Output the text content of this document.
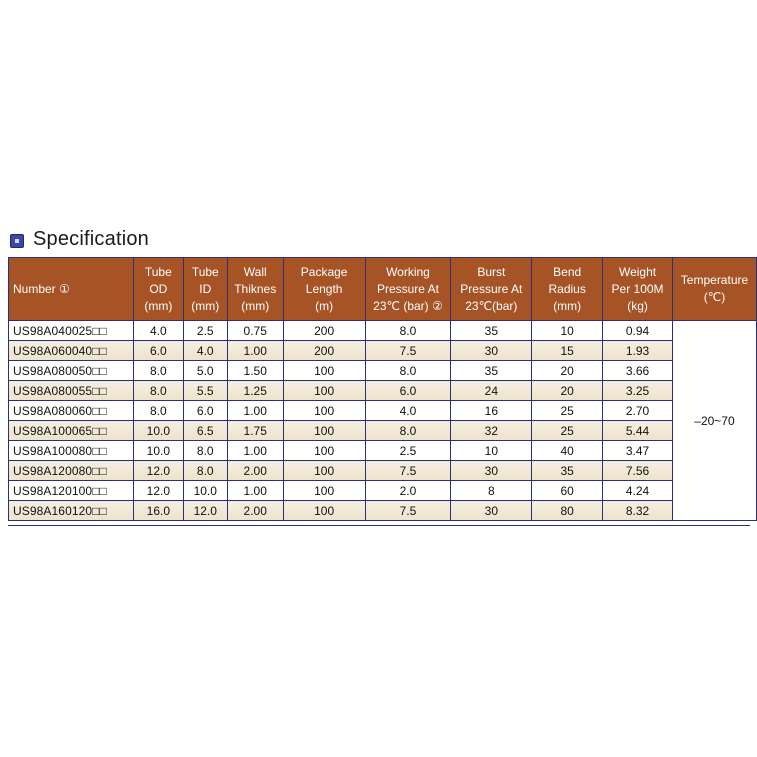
Specification
Number ①	Tube
OD
(mm)	Tube
ID
(mm)	Wall
Thiknes
(mm)	Package
Length
(m)	Working
Pressure At
23℃ (bar) ②	Burst
Pressure At
23℃(bar)	Bend
Radius
(mm)	Weight
Per 100M
(kg)	Temperature
(℃)
US98A040025□□	4.0	2.5	0.75	200	8.0	35	10	0.94	–20~70
US98A060040□□	6.0	4.0	1.00	200	7.5	30	15	1.93	
US98A080050□□	8.0	5.0	1.50	100	8.0	35	20	3.66	
US98A080055□□	8.0	5.5	1.25	100	6.0	24	20	3.25	
US98A080060□□	8.0	6.0	1.00	100	4.0	16	25	2.70	
US98A100065□□	10.0	6.5	1.75	100	8.0	32	25	5.44	
US98A100080□□	10.0	8.0	1.00	100	2.5	10	40	3.47	
US98A120080□□	12.0	8.0	2.00	100	7.5	30	35	7.56	
US98A120100□□	12.0	10.0	1.00	100	2.0	8	60	4.24	
US98A160120□□	16.0	12.0	2.00	100	7.5	30	80	8.32	
